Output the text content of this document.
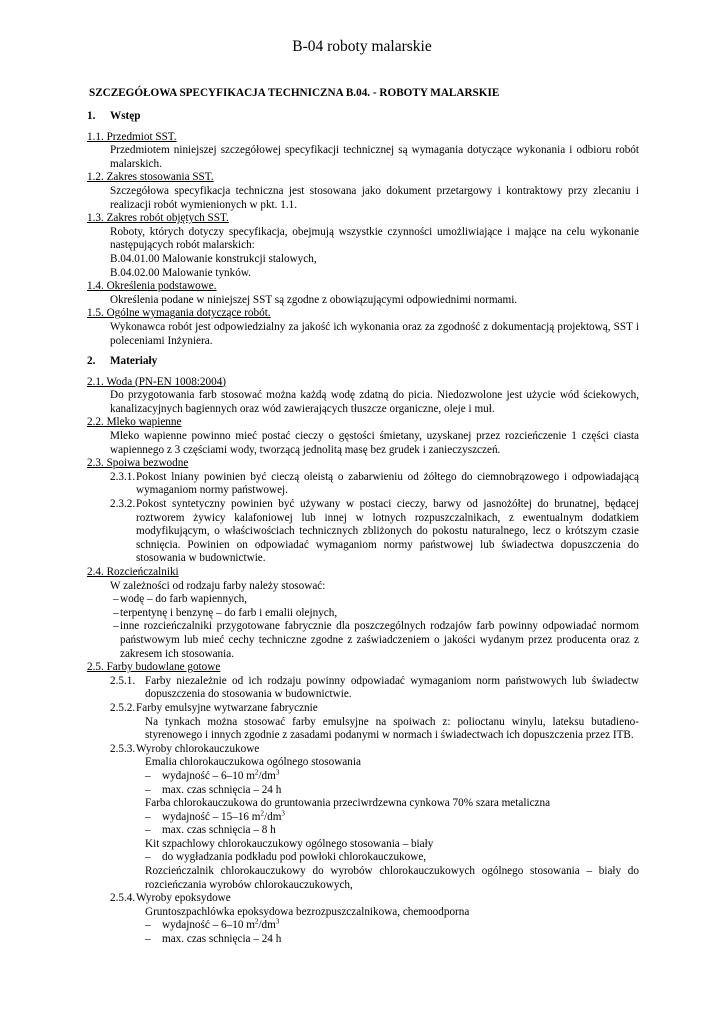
B-04 roboty malarskie
SZCZEGÓŁOWA SPECYFIKACJA TECHNICZNA B.04. - ROBOTY MALARSKIE
1.	Wstęp
1.1. Przedmiot SST.
Przedmiotem niniejszej szczegółowej specyfikacji technicznej są wymagania dotyczące wykonania i odbioru robót malarskich.
1.2. Zakres stosowania SST.
Szczegółowa specyfikacja techniczna jest stosowana jako dokument przetargowy i kontraktowy przy zlecaniu i realizacji robót wymienionych w pkt. 1.1.
1.3. Zakres robót objętych SST.
Roboty, których dotyczy specyfikacja, obejmują wszystkie czynności umożliwiające i mające na celu wykonanie następujących robót malarskich:
B.04.01.00 Malowanie konstrukcji stalowych,
B.04.02.00 Malowanie tynków.
1.4. Określenia podstawowe.
Określenia podane w niniejszej SST są zgodne z obowiązującymi odpowiednimi normami.
1.5. Ogólne wymagania dotyczące robót.
Wykonawca robót jest odpowiedzialny za jakość ich wykonania oraz za zgodność z dokumentacją projektową, SST i poleceniami Inżyniera.
2.	Materiały
2.1. Woda (PN-EN 1008:2004)
Do przygotowania farb stosować można każdą wodę zdatną do picia. Niedozwolone jest użycie wód ściekowych, kanalizacyjnych bagiennych oraz wód zawierających tłuszcze organiczne, oleje i muł.
2.2. Mleko wapienne
Mleko wapienne powinno mieć postać cieczy o gęstości śmietany, uzyskanej przez rozcieńczenie 1 części ciasta wapiennego z 3 częściami wody, tworzącą jednolitą masę bez grudek i zanieczyszczeń.
2.3. Spoiwa bezwodne
2.3.1. Pokost lniany powinien być cieczą oleistą o zabarwieniu od żółtego do ciemnobrązowego i odpowiadającą wymaganiom normy państwowej.
2.3.2. Pokost syntetyczny powinien być używany w postaci cieczy, barwy od jasnożółtej do brunatnej, będącej roztworem żywicy kalafoniowej lub innej w lotnych rozpuszczalnikach, z ewentualnym dodatkiem modyfikującym, o właściwościach technicznych zbliżonych do pokostu naturalnego, lecz o krótszym czasie schnięcia. Powinien on odpowiadać wymaganiom normy państwowej lub świadectwa dopuszczenia do stosowania w budownictwie.
2.4. Rozcieńczalniki
W zależności od rodzaju farby należy stosować:
– wodę – do farb wapiennych,
– terpentynę i benzynę – do farb i emalii olejnych,
– inne rozcieńczalniki przygotowane fabrycznie dla poszczególnych rodzajów farb powinny odpowiadać normom państwowym lub mieć cechy techniczne zgodne z zaświadczeniem o jakości wydanym przez producenta oraz z zakresem ich stosowania.
2.5. Farby budowlane gotowe
2.5.1. Farby niezależnie od ich rodzaju powinny odpowiadać wymaganiom norm państwowych lub świadectw dopuszczenia do stosowania w budownictwie.
2.5.2. Farby emulsyjne wytwarzane fabrycznie
Na tynkach można stosować farby emulsyjne na spoiwach z: polioctanu winylu, lateksu butadieno-styrenowego i innych zgodnie z zasadami podanymi w normach i świadectwach ich dopuszczenia przez ITB.
2.5.3. Wyroby chlorokauczukowe
Emalia chlorokauczukowa ogólnego stosowania
–	wydajność – 6–10 $m^2/dm^3$
–	max. czas schnięcia – 24 h
Farba chlorokauczukowa do gruntowania przeciwrdzewna cynkowa 70% szara metaliczna
–	wydajność – 15–16 $m^2/dm^3$
–	max. czas schnięcia – 8 h
Kit szpachlowy chlorokauczukowy ogólnego stosowania – biały
–	do wygładzania podkładu pod powłoki chlorokauczukowe,
Rozcieńczalnik chlorokauczukowy do wyrobów chlorokauczukowych ogólnego stosowania – biały do rozcieńczania wyrobów chlorokauczukowych,
2.5.4. Wyroby epoksydowe
Gruntoszpachlówka epoksydowa bezrozpuszczalnikowa, chemoodporna
–	wydajność – 6–10 $m^2/dm^3$
–	max. czas schnięcia – 24 h
